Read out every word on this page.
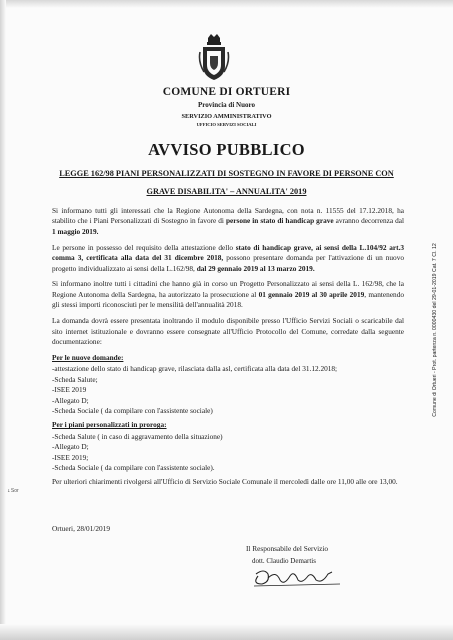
COMUNE DI ORTUERI
Provincia di Nuoro
SERVIZIO AMMINISTRATIVO
UFFICIO SERVIZI SOCIALI
AVVISO PUBBLICO
LEGGE 162/98 PIANI PERSONALIZZATI DI SOSTEGNO IN FAVORE DI PERSONE CON
GRAVE DISABILITA' – ANNUALITA' 2019

Si informano tutti gli interessati che la Regione Autonoma della Sardegna, con nota n. 11555 del 17.12.2018, ha stabilito che i Piani Personalizzati di Sostegno in favore di persone in stato di handicap grave avranno decorrenza dal 1 maggio 2019.

Le persone in possesso del requisito della attestazione dello stato di handicap grave, ai sensi della L.104/92 art.3 comma 3, certificata alla data del 31 dicembre 2018, possono presentare domanda per l'attivazione di un nuovo progetto individualizzato ai sensi della L.162/98, dal 29 gennaio 2019 al 13 marzo 2019.

Si informano inoltre tutti i cittadini che hanno già in corso un Progetto Personalizzato ai sensi della L. 162/98, che la Regione Autonoma della Sardegna, ha autorizzato la prosecuzione al 01 gennaio 2019 al 30 aprile 2019, mantenendo gli stessi importi riconosciuti per le mensilità dell'annualità 2018.

La domanda dovrà essere presentata inoltrando il modulo disponibile presso l'Ufficio Servizi Sociali o scaricabile dal sito internet istituzionale e dovranno essere consegnate all'Ufficio Protocollo del Comune, corredate dalla seguente documentazione:

Per le nuove domande:
-attestazione dello stato di handicap grave, rilasciata dalla asl, certificata alla data del 31.12.2018;
-Scheda Salute;
-ISEE 2019
-Allegato D;
-Scheda Sociale ( da compilare con l'assistente sociale)
Per i piani personalizzati in proroga:
-Scheda Salute ( in caso di aggravamento della situazione)
-Allegato D;
-ISEE 2019;
-Scheda Sociale ( da compilare con l'assistente sociale).

Per ulteriori chiarimenti rivolgersi all'Ufficio di Servizio Sociale Comunale il mercoledì dalle ore 11,00 alle ore 13,00.

Ortueri, 28/01/2019
Il Responsabile del Servizio
dott. Claudio Demartis
Comune di Ortueri - Prot. partenza n. 0000430 del 29-01-2019 Cat. 7 Cl. 12
ﺌ Sor
